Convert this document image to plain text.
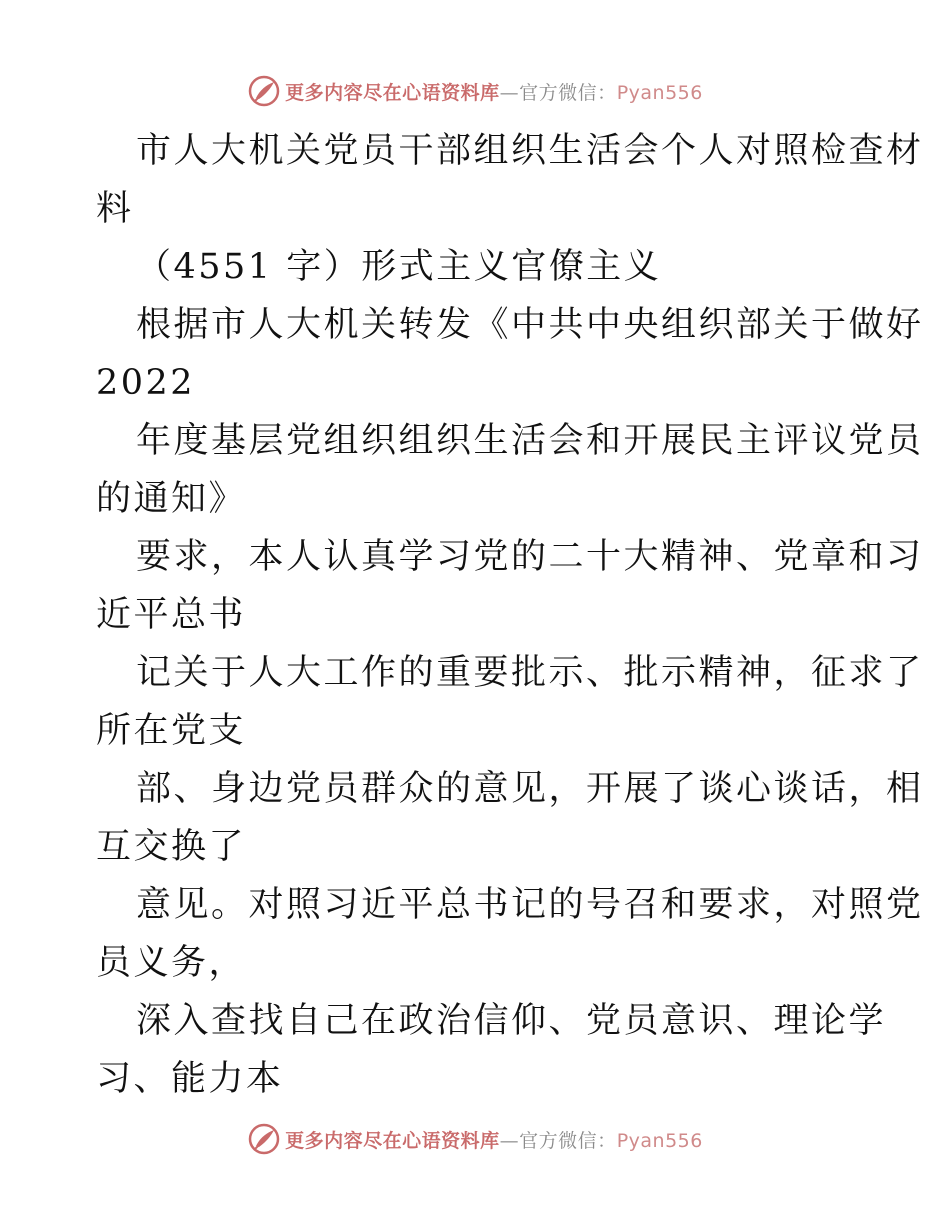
更多内容尽在心语资料库—官方微信：Pyan556
市人大机关党员干部组织生活会个人对照检查材
料
（4551 字）形式主义官僚主义
根据市人大机关转发《中共中央组织部关于做好
2022
年度基层党组织组织生活会和开展民主评议党员
的通知》
要求，本人认真学习党的二十大精神、党章和习
近平总书
记关于人大工作的重要批示、批示精神，征求了
所在党支
部、身边党员群众的意见，开展了谈心谈话，相
互交换了
意见。对照习近平总书记的号召和要求，对照党
员义务，
深入查找自己在政治信仰、党员意识、理论学
习、能力本
更多内容尽在心语资料库—官方微信：Pyan556
